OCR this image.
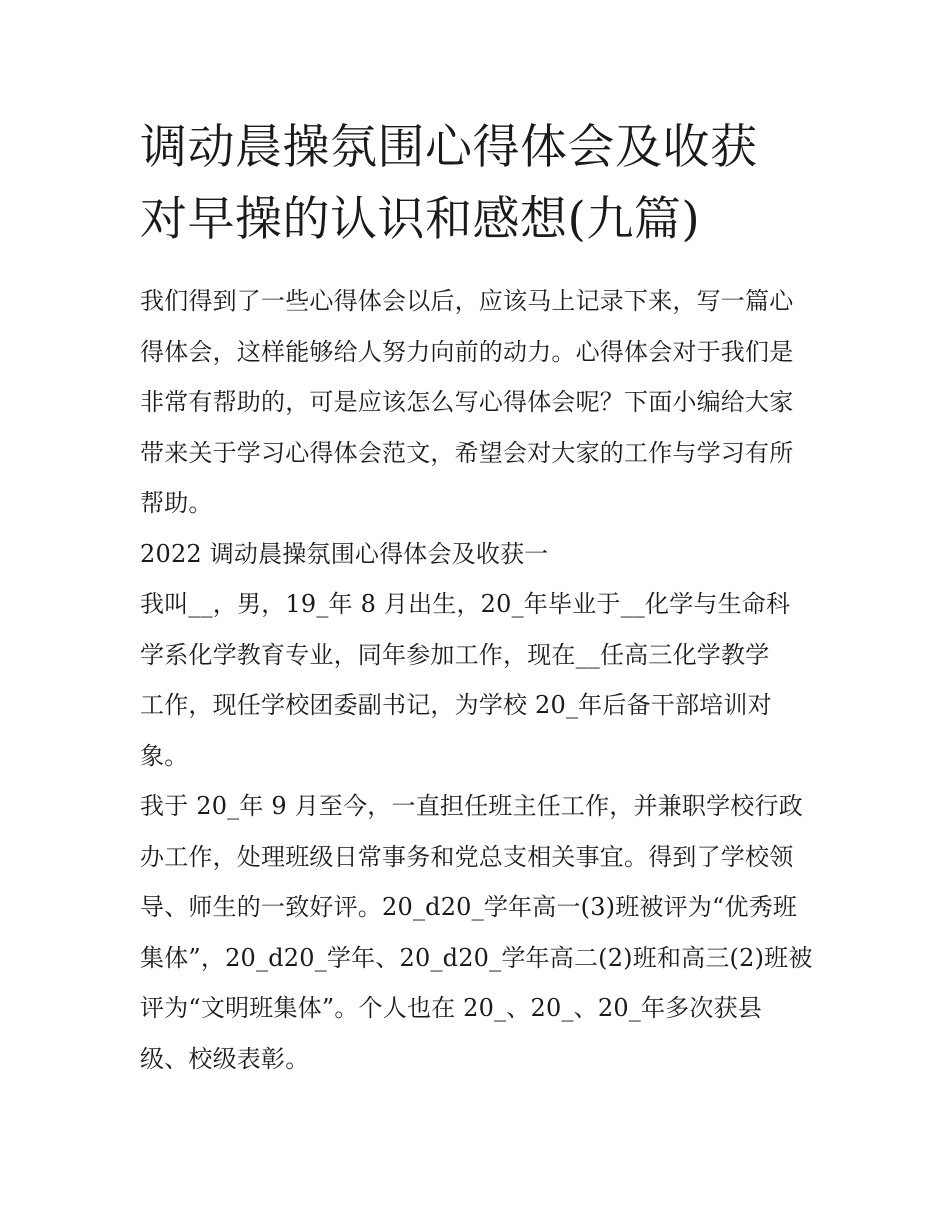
调动晨操氛围心得体会及收获
对早操的认识和感想(九篇)
我们得到了一些心得体会以后，应该马上记录下来，写一篇心
得体会，这样能够给人努力向前的动力。心得体会对于我们是
非常有帮助的，可是应该怎么写心得体会呢？下面小编给大家
带来关于学习心得体会范文，希望会对大家的工作与学习有所
帮助。
2022 调动晨操氛围心得体会及收获一
我叫__，男，19_年 8 月出生，20_年毕业于__化学与生命科
学系化学教育专业，同年参加工作，现在__任高三化学教学
工作，现任学校团委副书记，为学校 20_年后备干部培训对
象。
我于 20_年 9 月至今，一直担任班主任工作，并兼职学校行政
办工作，处理班级日常事务和党总支相关事宜。得到了学校领
导、师生的一致好评。20_d20_学年高一(3)班被评为“优秀班
集体”，20_d20_学年、20_d20_学年高二(2)班和高三(2)班被
评为“文明班集体”。个人也在 20_、20_、20_年多次获县
级、校级表彰。
